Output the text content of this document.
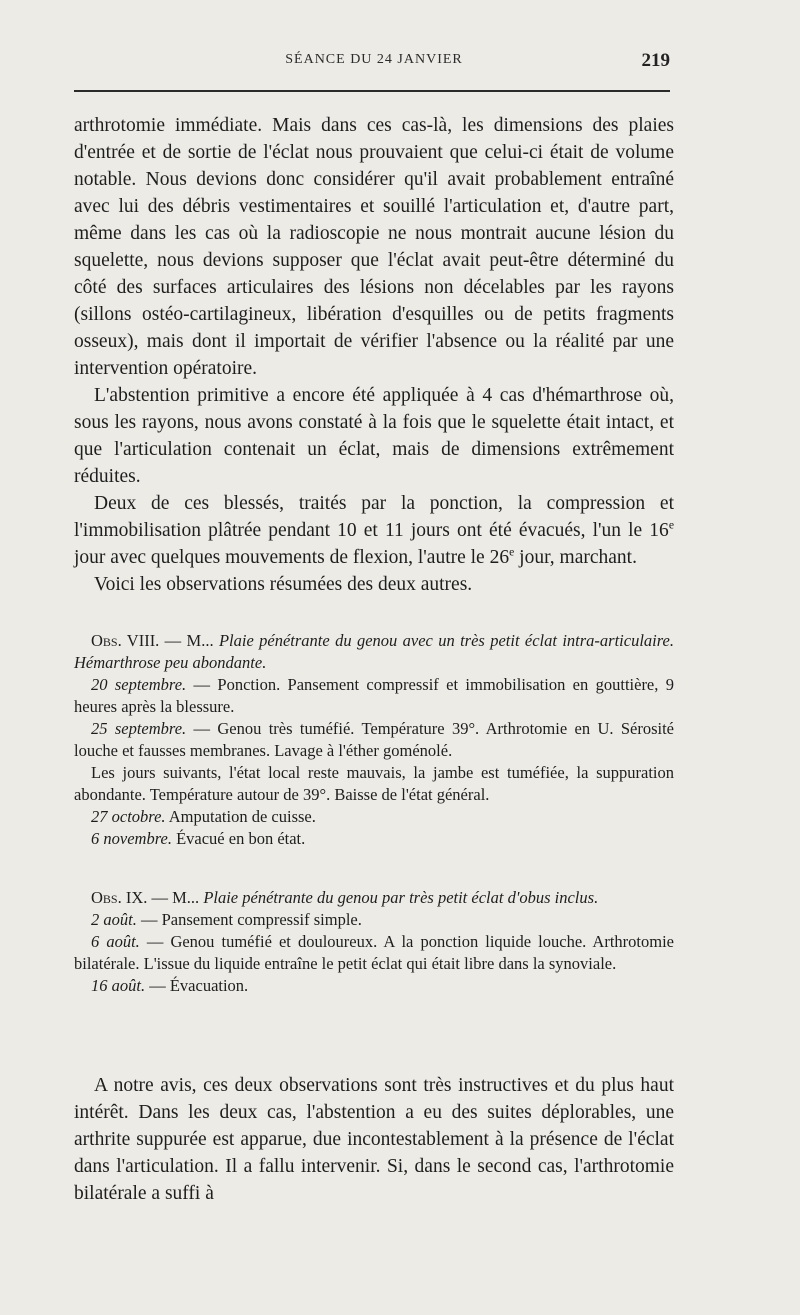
SÉANCE DU 24 JANVIER	219

arthrotomie immédiate. Mais dans ces cas-là, les dimensions des plaies d'entrée et de sortie de l'éclat nous prouvaient que celui-ci était de volume notable. Nous devions donc considérer qu'il avait probablement entraîné avec lui des débris vestimentaires et souillé l'articulation et, d'autre part, même dans les cas où la radioscopie ne nous montrait aucune lésion du squelette, nous devions supposer que l'éclat avait peut-être déterminé du côté des surfaces articulaires des lésions non décelables par les rayons (sillons ostéo-cartilagineux, libération d'esquilles ou de petits fragments osseux), mais dont il importait de vérifier l'absence ou la réalité par une intervention opératoire.

L'abstention primitive a encore été appliquée à 4 cas d'hémarthrose où, sous les rayons, nous avons constaté à la fois que le squelette était intact, et que l'articulation contenait un éclat, mais de dimensions extrêmement réduites.

Deux de ces blessés, traités par la ponction, la compression et l'immobilisation plâtrée pendant 10 et 11 jours ont été évacués, l'un le 16e jour avec quelques mouvements de flexion, l'autre le 26e jour, marchant.

Voici les observations résumées des deux autres.

Obs. VIII. — M... Plaie pénétrante du genou avec un très petit éclat intra-articulaire. Hémarthrose peu abondante.

20 septembre. — Ponction. Pansement compressif et immobilisation en gouttière, 9 heures après la blessure.

25 septembre. — Genou très tuméfié. Température 39°. Arthrotomie en U. Sérosité louche et fausses membranes. Lavage à l'éther goménolé.

Les jours suivants, l'état local reste mauvais, la jambe est tuméfiée, la suppuration abondante. Température autour de 39°. Baisse de l'état général.

27 octobre. Amputation de cuisse.

6 novembre. Évacué en bon état.

Obs. IX. — M... Plaie pénétrante du genou par très petit éclat d'obus inclus.

2 août. — Pansement compressif simple.

6 août. — Genou tuméfié et douloureux. A la ponction liquide louche. Arthrotomie bilatérale. L'issue du liquide entraîne le petit éclat qui était libre dans la synoviale.

16 août. — Évacuation.

A notre avis, ces deux observations sont très instructives et du plus haut intérêt. Dans les deux cas, l'abstention a eu des suites déplorables, une arthrite suppurée est apparue, due incontestablement à la présence de l'éclat dans l'articulation. Il a fallu intervenir. Si, dans le second cas, l'arthrotomie bilatérale a suffi à
